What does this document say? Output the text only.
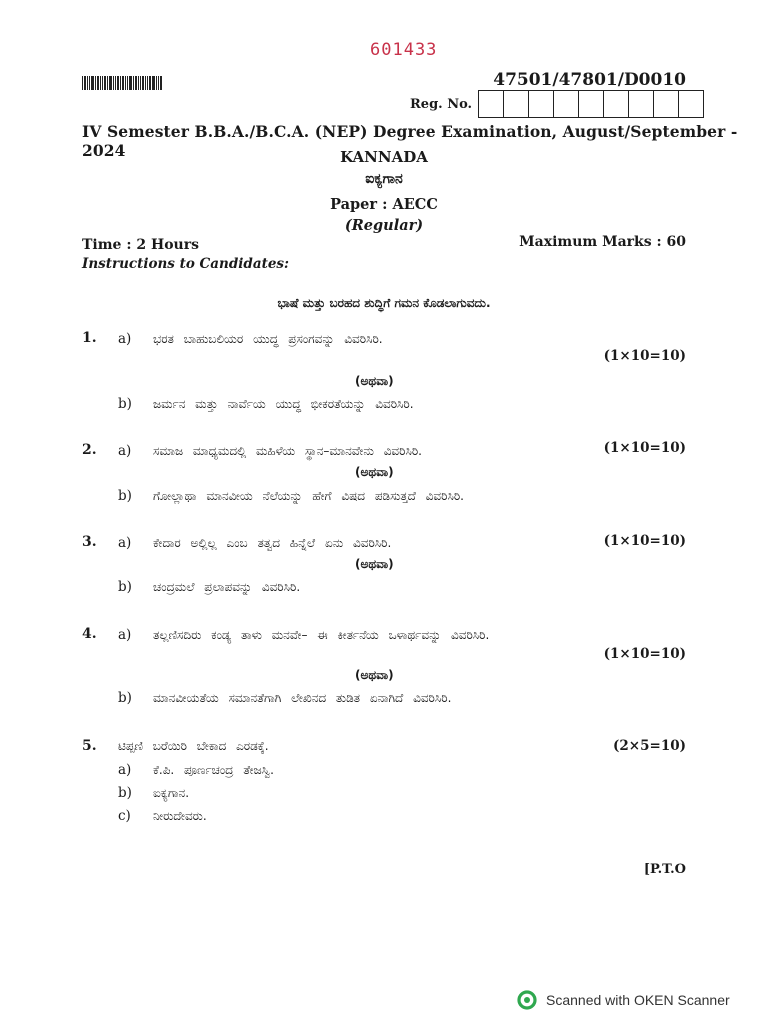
601433
47501/47801/D0010
Reg. No.
IV Semester B.B.A./B.C.A. (NEP) Degree Examination, August/September - 2024	KANNADA
ಐಕ್ಯಗಾನ
Paper : AECC
(Regular)
Time : 2 Hours	Maximum Marks : 60
Instructions to Candidates:
ಭಾಷೆ ಮತ್ತು ಬರಹದ ಶುದ್ಧಿಗೆ ಗಮನ ಕೊಡಲಾಗುವದು.
1. a) ಭರತ ಬಾಹುಬಲಿಯರ ಯುದ್ಧ ಪ್ರಸಂಗವನ್ನು ವಿವರಿಸಿರಿ.
(1×10=10)
(ಅಥವಾ)
b) ಜರ್ಮನ ಮತ್ತು ನಾರ್ವೆಯ ಯುದ್ಧ ಭೀಕರತೆಯನ್ನು ವಿವರಿಸಿರಿ.
2. a) ಸಮಾಜ ಮಾಧ್ಯಮದಲ್ಲಿ ಮಹಿಳೆಯ ಸ್ಥಾನ–ಮಾನವೇನು ವಿವರಿಸಿರಿ.	(1×10=10)
(ಅಥವಾ)
b) ಗೋಲ್ಲಾಥಾ ಮಾನವೀಯ ನೆಲೆಯನ್ನು ಹೇಗೆ ವಿಷದ ಪಡಿಸುತ್ತದೆ ವಿವರಿಸಿರಿ.
3. a) ಕೇದಾರ ಅಲ್ಲಿಲ್ಲ ಎಂಬ ತತ್ವದ ಹಿನ್ನೆಲೆ ಏನು ವಿವರಿಸಿರಿ.	(1×10=10)
(ಅಥವಾ)
b) ಚಂದ್ರಮಲೆ ಪ್ರಲಾಪವನ್ನು ವಿವರಿಸಿರಿ.
4. a) ತಲ್ಲಣಿಸದಿರು ಕಂಡ್ಯ ತಾಳು ಮನವೇ– ಈ ಕೀರ್ತನೆಯ ಒಳಾರ್ಥವನ್ನು ವಿವರಿಸಿರಿ.
(1×10=10)
(ಅಥವಾ)
b) ಮಾನವೀಯತೆಯ ಸಮಾನತೆಗಾಗಿ ಲೇಖಿನದ ತುಡಿತ ಏನಾಗಿದೆ ವಿವರಿಸಿರಿ.
5. ಟಿಪ್ಪಣಿ ಬರೆಯಿರಿ ಬೇಕಾದ ಎರಡಕ್ಕೆ.	(2×5=10)
a) ಕೆ.ಪಿ. ಪೂರ್ಣಚಂದ್ರ ತೇಜಸ್ವಿ.
b) ಐಕ್ಯಗಾನ.
c) ನೀರುದೇವರು.
[P.T.O
Scanned with OKEN Scanner
